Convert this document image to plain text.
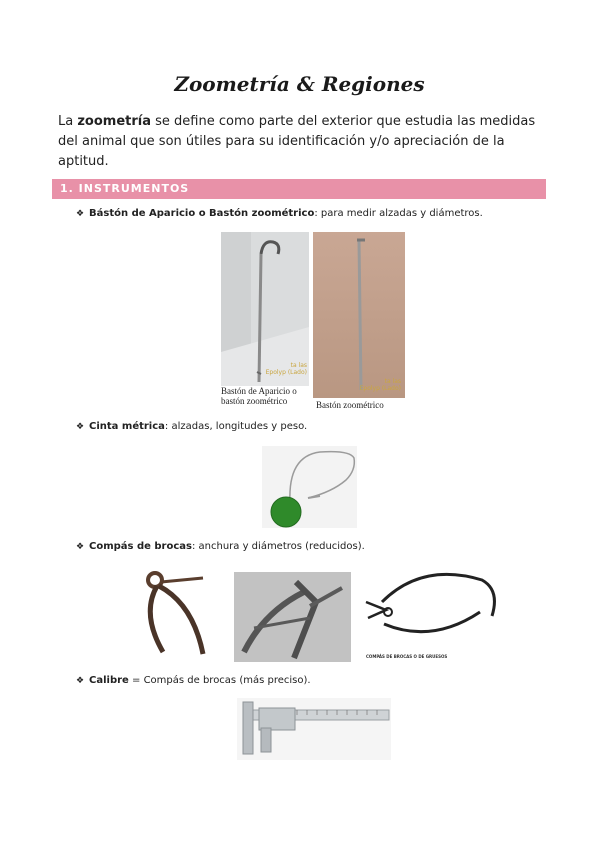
Zoometría & Regiones
La zoometría se define como parte del exterior que estudia las medidas del animal que son útiles para su identificación y/o apreciación de la aptitud.
1. INSTRUMENTOS
❖ Bástón de Aparicio o Bastón zoométrico: para medir alzadas y diámetros.
ta las
Epolyp (Lado)
Bastón de Aparicio o
bastón zoométrico
ta las
Epolyp (Lado)
Bastón zoométrico
❖ Cinta métrica: alzadas, longitudes y peso.
❖ Compás de brocas: anchura y diámetros (reducidos).
COMPÁS DE BROCAS O DE GRUESOS
❖ Calibre = Compás de brocas (más preciso).
